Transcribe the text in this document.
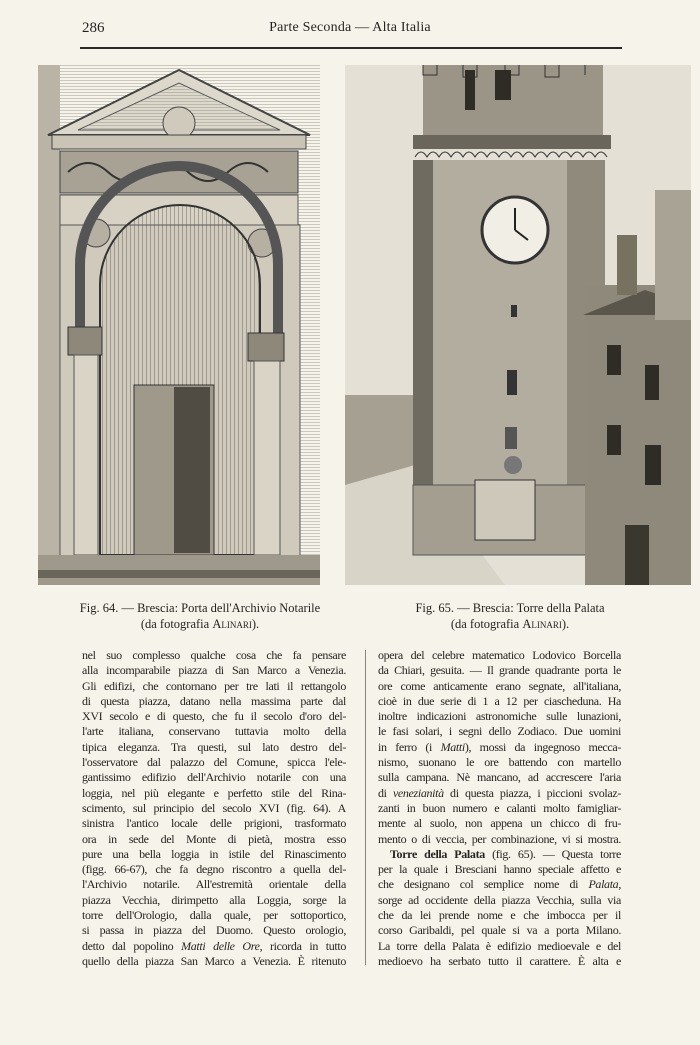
286	Parte Seconda — Alta Italia
Fig. 64. — Brescia: Porta dell'Archivio Notarile
(da fotografia Alinari).
Fig. 65. — Brescia: Torre della Palata
(da fotografia Alinari).
nel suo complesso qualche cosa che fa pensare
alla incomparabile piazza di San Marco a Venezia.
Gli edifizi, che contornano per tre lati il rettangolo
di questa piazza, datano nella massima parte dal
XVI secolo e di questo, che fu il secolo d'oro del-
l'arte italiana, conservano tuttavia molto della
tipica eleganza. Tra questi, sul lato destro del-
l'osservatore dal palazzo del Comune, spicca l'ele-
gantissimo edifizio dell'Archivio notarile con una
loggia, nel più elegante e perfetto stile del Rina-
scimento, sul principio del secolo XVI (fig. 64). A
sinistra l'antico locale delle prigioni, trasformato
ora in sede del Monte di pietà, mostra esso
pure una bella loggia in istile del Rinascimento
(figg. 66-67), che fa degno riscontro a quella del-
l'Archivio notarile. All'estremità orientale della
piazza Vecchia, dirimpetto alla Loggia, sorge la
torre dell'Orologio, dalla quale, per sottoportico,
si passa in piazza del Duomo. Questo orologio,
detto dal popolino Matti delle Ore, ricorda in tutto
quello della piazza San Marco a Venezia. È ritenuto
opera del celebre matematico Lodovico Borcella
da Chiari, gesuita. — Il grande quadrante porta le
ore come anticamente erano segnate, all'italiana,
cioè in due serie di 1 a 12 per ciascheduna. Ha
inoltre indicazioni astronomiche sulle lunazioni,
le fasi solari, i segni dello Zodiaco. Due uomini
in ferro (i Matti), mossi da ingegnoso mecca-
nismo, suonano le ore battendo con martello
sulla campana. Nè mancano, ad accrescere l'aria
di venezianità di questa piazza, i piccioni svolaz-
zanti in buon numero e calanti molto famigliar-
mente al suolo, non appena un chicco di fru-
mento o di veccia, per combinazione, vi si mostra.
Torre della Palata (fig. 65). — Questa torre
per la quale i Bresciani hanno speciale affetto e
che designano col semplice nome di Palata,
sorge ad occidente della piazza Vecchia, sulla via
che da lei prende nome e che imbocca per il
corso Garibaldi, pel quale si va a porta Milano.
La torre della Palata è edifizio medioevale e del
medioevo ha serbato tutto il carattere. È alta e
